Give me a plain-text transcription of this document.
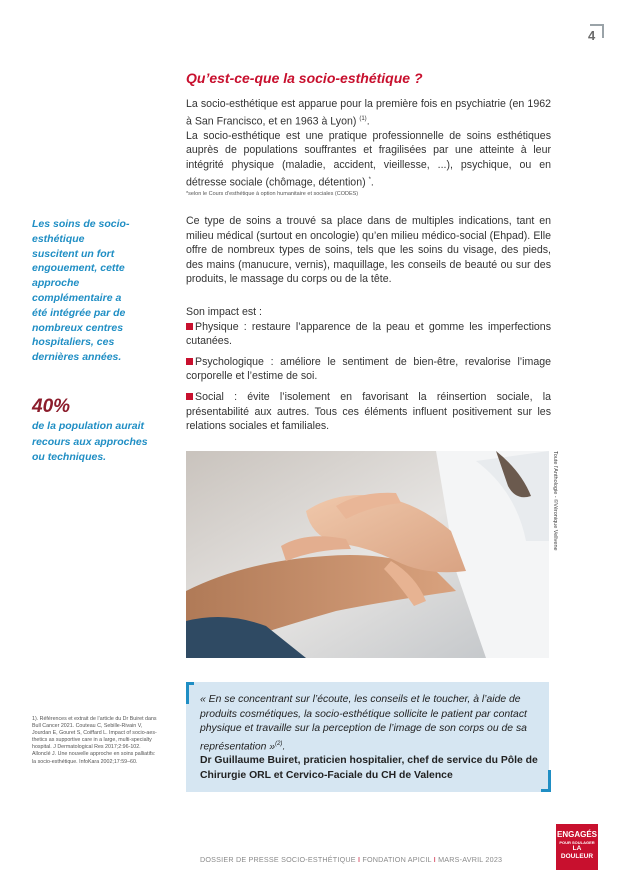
4
Qu’est-ce-que la socio-esthétique ?

La socio-esthétique est apparue pour la première fois en psychiatrie (en 1962 à San Francisco, et en 1963 à Lyon) $^{(1)}$.

La socio-esthétique est une pratique professionnelle de soins esthétiques auprès de populations souffrantes et fragilisées par une atteinte à leur intégrité physique (maladie, accident, vieillesse, ...), psychique, ou en détresse sociale (chômage, détention) *.

*selon le Cours d’esthétique à option humanitaire et sociales (CODES)
Ce type de soins a trouvé sa place dans de multiples indications, tant en milieu médical (surtout en oncologie) qu’en milieu médico-social (Ehpad). Elle offre de nombreux types de soins, tels que les soins du visage, des pieds, des mains (manucure, vernis), maquillage, les conseils de beauté ou sur des produits, le massage du corps ou de la tête.

Son impact est :

Physique : restaure l’apparence de la peau et gomme les imperfections cutanées.

Psychologique : améliore le sentiment de bien-être, revalorise l’image corporelle et l’estime de soi.

Social : évite l’isolement en favorisant la réinsertion sociale, la présentabilité aux autres. Tous ces éléments influent positivement sur les relations sociales et familiales.

Les soins de socio-esthétique suscitent un fort engouement, cette approche complémentaire a été intégrée par de nombreux centres hospitaliers, ces dernières années.
40%
de la population aurait recours aux approches ou techniques.	Toute l'Anthologie - ©Véronique Vellvene
« En se concentrant sur l’écoute, les conseils et le toucher, à l’aide de produits cosmétiques, la socio-esthétique sollicite le patient par contact physique et travaille sur la perception de l’image de son corps ou de sa représentation »$^{(2)}$.
Dr Guillaume Buiret, praticien hospitalier, chef de service du Pôle de Chirurgie ORL et Cervico-Faciale du CH de Valence
1). Références et extrait de l’article du Dr Buiret dans Bull Cancer 2021. Couteau C, Sebille-Rivain V, Jourdan E, Gouret S, Coiffard L. Impact of socio-aes- thetics as supportive care in a large, multi-specialty hospital. J Dermatological Res 2017;2:96-102. Allonclé J. Une nouvelle approche en soins palliatifs: la socio-esthétique. InfoKara 2002;17:59–60.
ENGAGÉS
POUR SOULAGER
LA DOULEUR
DOSSIER DE PRESSE SOCIO-ESTHÉTIQUE I FONDATION APICIL I MARS-AVRIL 2023
